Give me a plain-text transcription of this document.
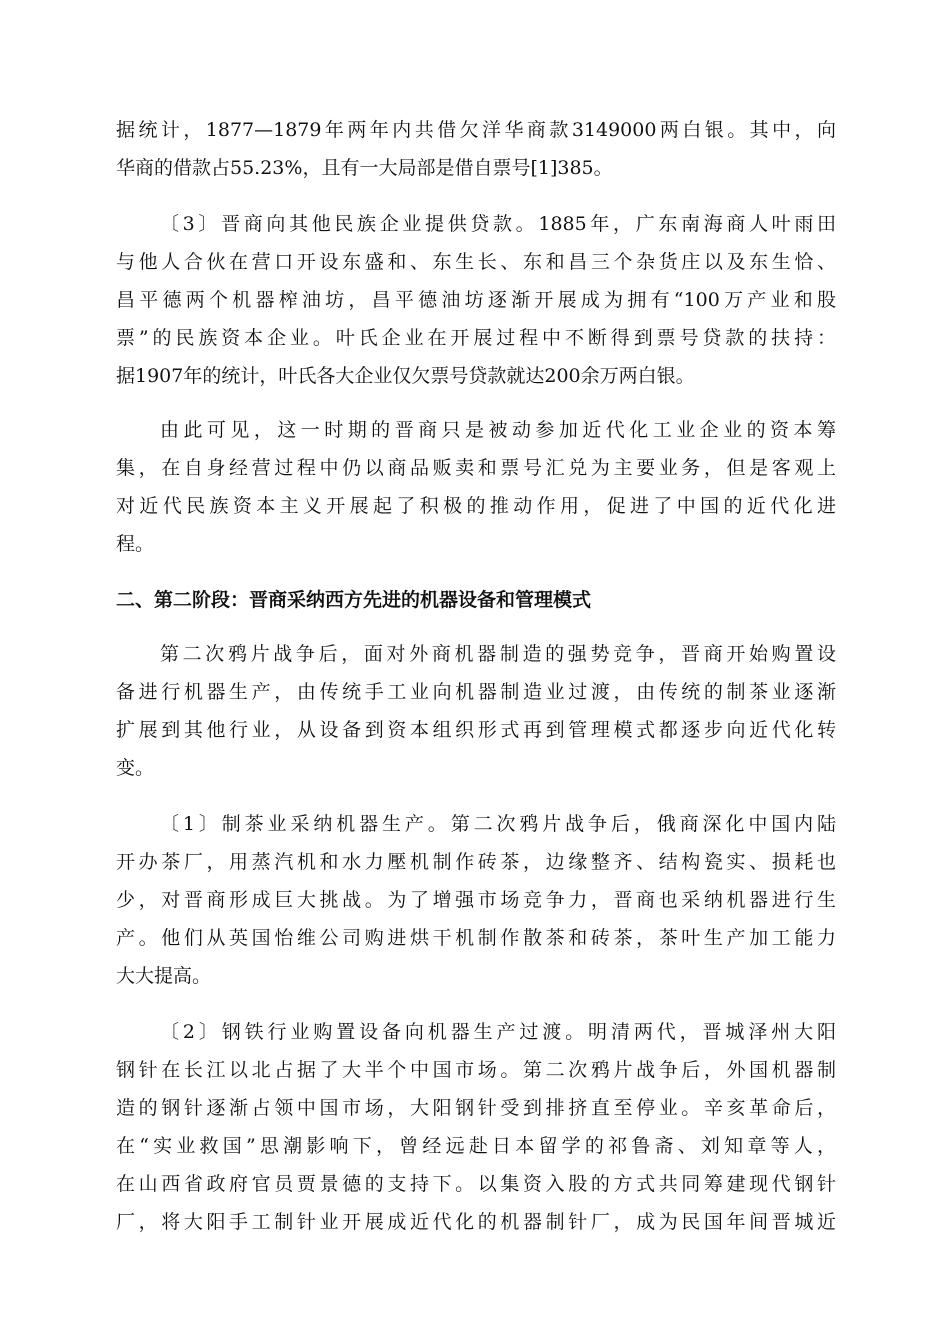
据统计，1877—1879年两年内共借欠洋华商款3149000两白银。其中，向

华商的借款占55.23%，且有一大局部是借自票号[1]385。

〔3〕晋商向其他民族企业提供贷款。1885年，广东南海商人叶雨田

与他人合伙在营口开设东盛和、东生长、东和昌三个杂货庄以及东生恰、

昌平德两个机器榨油坊，昌平德油坊逐渐开展成为拥有“100万产业和股

票”的民族资本企业。叶氏企业在开展过程中不断得到票号贷款的扶持：

据1907年的统计，叶氏各大企业仅欠票号贷款就达200余万两白银。

由此可见，这一时期的晋商只是被动参加近代化工业企业的资本筹

集，在自身经营过程中仍以商品贩卖和票号汇兑为主要业务，但是客观上

对近代民族资本主义开展起了积极的推动作用，促进了中国的近代化进

程。

二、第二阶段：晋商采纳西方先进的机器设备和管理模式

第二次鸦片战争后，面对外商机器制造的强势竞争，晋商开始购置设

备进行机器生产，由传统手工业向机器制造业过渡，由传统的制茶业逐渐

扩展到其他行业，从设备到资本组织形式再到管理模式都逐步向近代化转

变。

〔1〕制茶业采纳机器生产。第二次鸦片战争后，俄商深化中国内陆

开办茶厂，用蒸汽机和水力壓机制作砖茶，边缘整齐、结构瓷实、损耗也

少，对晋商形成巨大挑战。为了增强市场竞争力，晋商也采纳机器进行生

产。他们从英国怡维公司购进烘干机制作散茶和砖茶，茶叶生产加工能力

大大提高。

〔2〕钢铁行业购置设备向机器生产过渡。明清两代，晋城泽州大阳

钢针在长江以北占据了大半个中国市场。第二次鸦片战争后，外国机器制

造的钢针逐渐占领中国市场，大阳钢针受到排挤直至停业。辛亥革命后，

在“实业救国”思潮影响下，曾经远赴日本留学的祁鲁斋、刘知章等人，

在山西省政府官员贾景德的支持下。以集资入股的方式共同筹建现代钢针

厂，将大阳手工制针业开展成近代化的机器制针厂，成为民国年间晋城近
